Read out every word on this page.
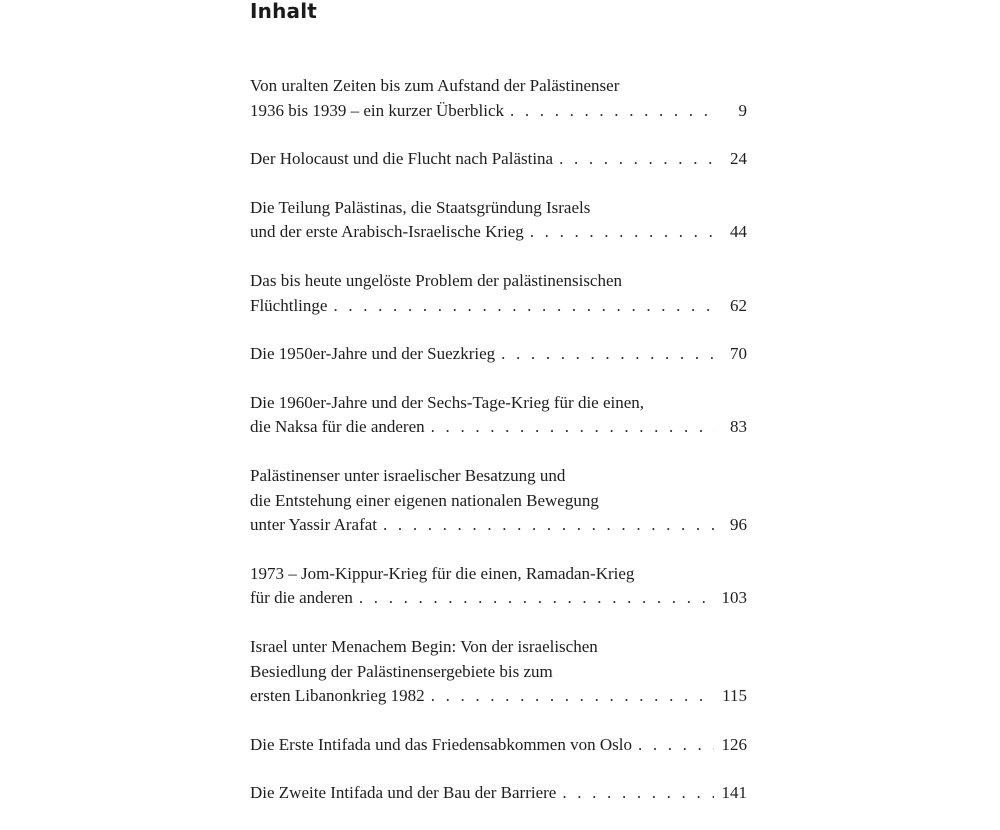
Inhalt
Von uralten Zeiten bis zum Aufstand der Palästinenser
1936 bis 1939 – ein kurzer Überblick . . .	9
Der Holocaust und die Flucht nach Palästina . . .	24
Die Teilung Palästinas, die Staatsgründung Israels
und der erste Arabisch-Israelische Krieg . . .	44
Das bis heute ungelöste Problem der palästinensischen
Flüchtlinge . . .	62
Die 1950er-Jahre und der Suezkrieg . . .	70
Die 1960er-Jahre und der Sechs-Tage-Krieg für die einen,
die Naksa für die anderen . . .	83
Palästinenser unter israelischer Besatzung und
die Entstehung einer eigenen nationalen Bewegung
unter Yassir Arafat . . .	96
1973 – Jom-Kippur-Krieg für die einen, Ramadan-Krieg
für die anderen . . .	103
Israel unter Menachem Begin: Von der israelischen
Besiedlung der Palästinensergebiete bis zum
ersten Libanonkrieg 1982 . . .	115
Die Erste Intifada und das Friedensabkommen von Oslo . . .	126
Die Zweite Intifada und der Bau der Barriere . . .	141
